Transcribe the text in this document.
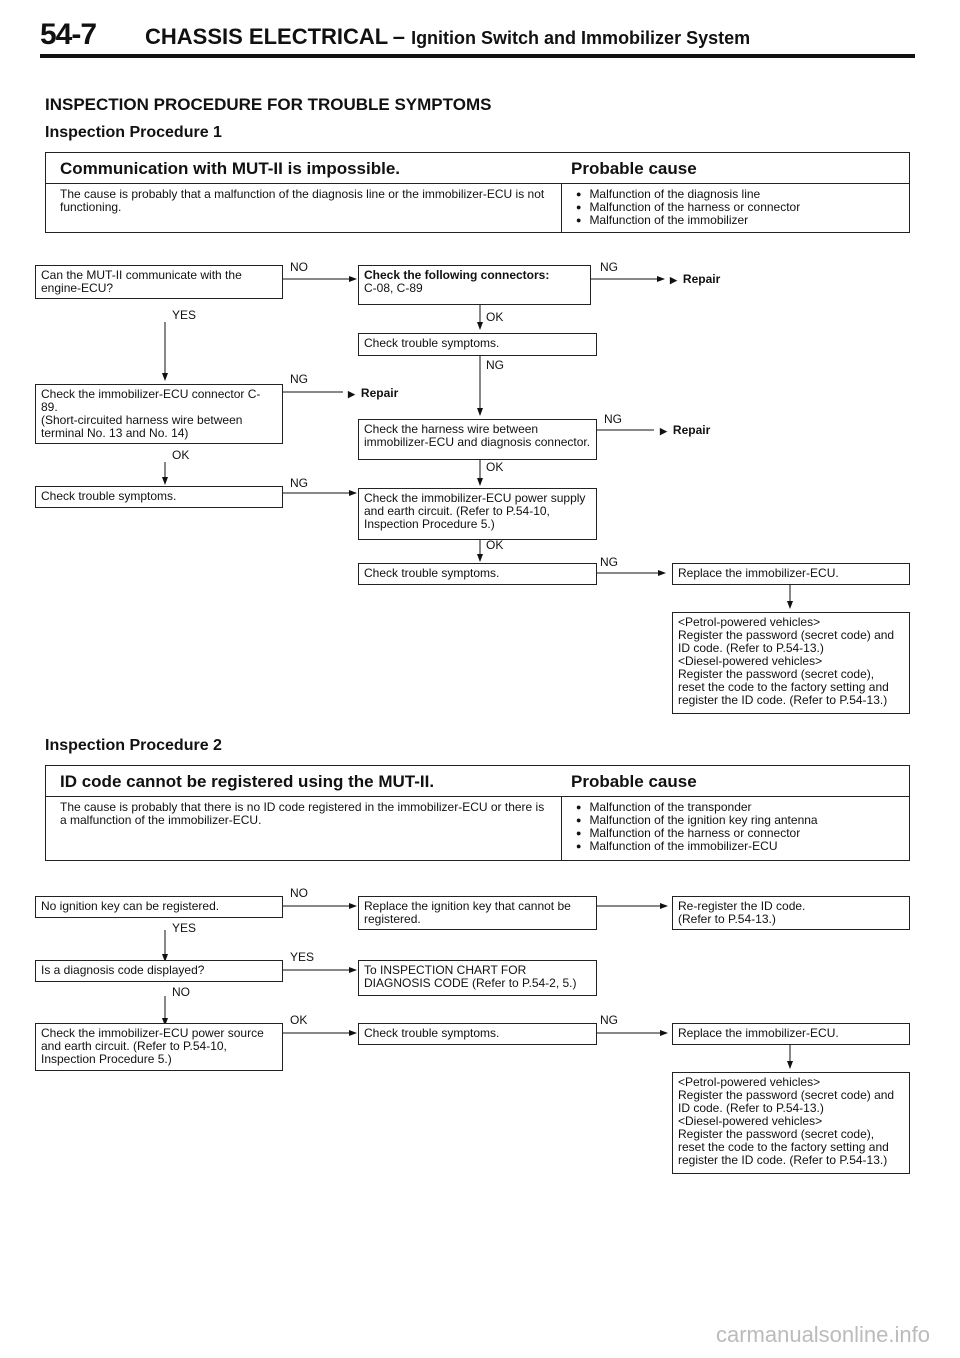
54-7 CHASSIS ELECTRICAL – Ignition Switch and Immobilizer System
INSPECTION PROCEDURE FOR TROUBLE SYMPTOMS
Inspection Procedure 1
Communication with MUT-II is impossible.	Probable cause
The cause is probably that a malfunction of the diagnosis line or the immobilizer-ECU is not functioning.
● Malfunction of the diagnosis line
● Malfunction of the harness or connector
● Malfunction of the immobilizer
Can the MUT-II communicate with the engine-ECU?
NO
Check the following connectors:
C-08, C-89
NG
▶ Repair
YES	OK
Check trouble symptoms.
NG
Check the immobilizer-ECU connector C-89.
(Short-circuited harness wire between terminal No. 13 and No. 14)
NG
▶ Repair
Check the harness wire between immobilizer-ECU and diagnosis connector.
NG
▶ Repair
OK
OK
Check trouble symptoms.
NG
Check the immobilizer-ECU power supply and earth circuit. (Refer to P.54-10, Inspection Procedure 5.)
OK
Check trouble symptoms.
NG
Replace the immobilizer-ECU.
<Petrol-powered vehicles>
Register the password (secret code) and ID code. (Refer to P.54-13.)
<Diesel-powered vehicles>
Register the password (secret code), reset the code to the factory setting and register the ID code. (Refer to P.54-13.)
Inspection Procedure 2
ID code cannot be registered using the MUT-II.	Probable cause
The cause is probably that there is no ID code registered in the immobilizer-ECU or there is a malfunction of the immobilizer-ECU.
● Malfunction of the transponder
● Malfunction of the ignition key ring antenna
● Malfunction of the harness or connector
● Malfunction of the immobilizer-ECU
No ignition key can be registered.
NO
Replace the ignition key that cannot be registered.
Re-register the ID code.
(Refer to P.54-13.)
YES
Is a diagnosis code displayed?
YES
To INSPECTION CHART FOR DIAGNOSIS CODE (Refer to P.54-2, 5.)
NO
Check the immobilizer-ECU power source and earth circuit. (Refer to P.54-10, Inspection Procedure 5.)
OK
Check trouble symptoms.
NG
Replace the immobilizer-ECU.
<Petrol-powered vehicles>
Register the password (secret code) and ID code. (Refer to P.54-13.)
<Diesel-powered vehicles>
Register the password (secret code), reset the code to the factory setting and register the ID code. (Refer to P.54-13.)
carmanualsonline.info
